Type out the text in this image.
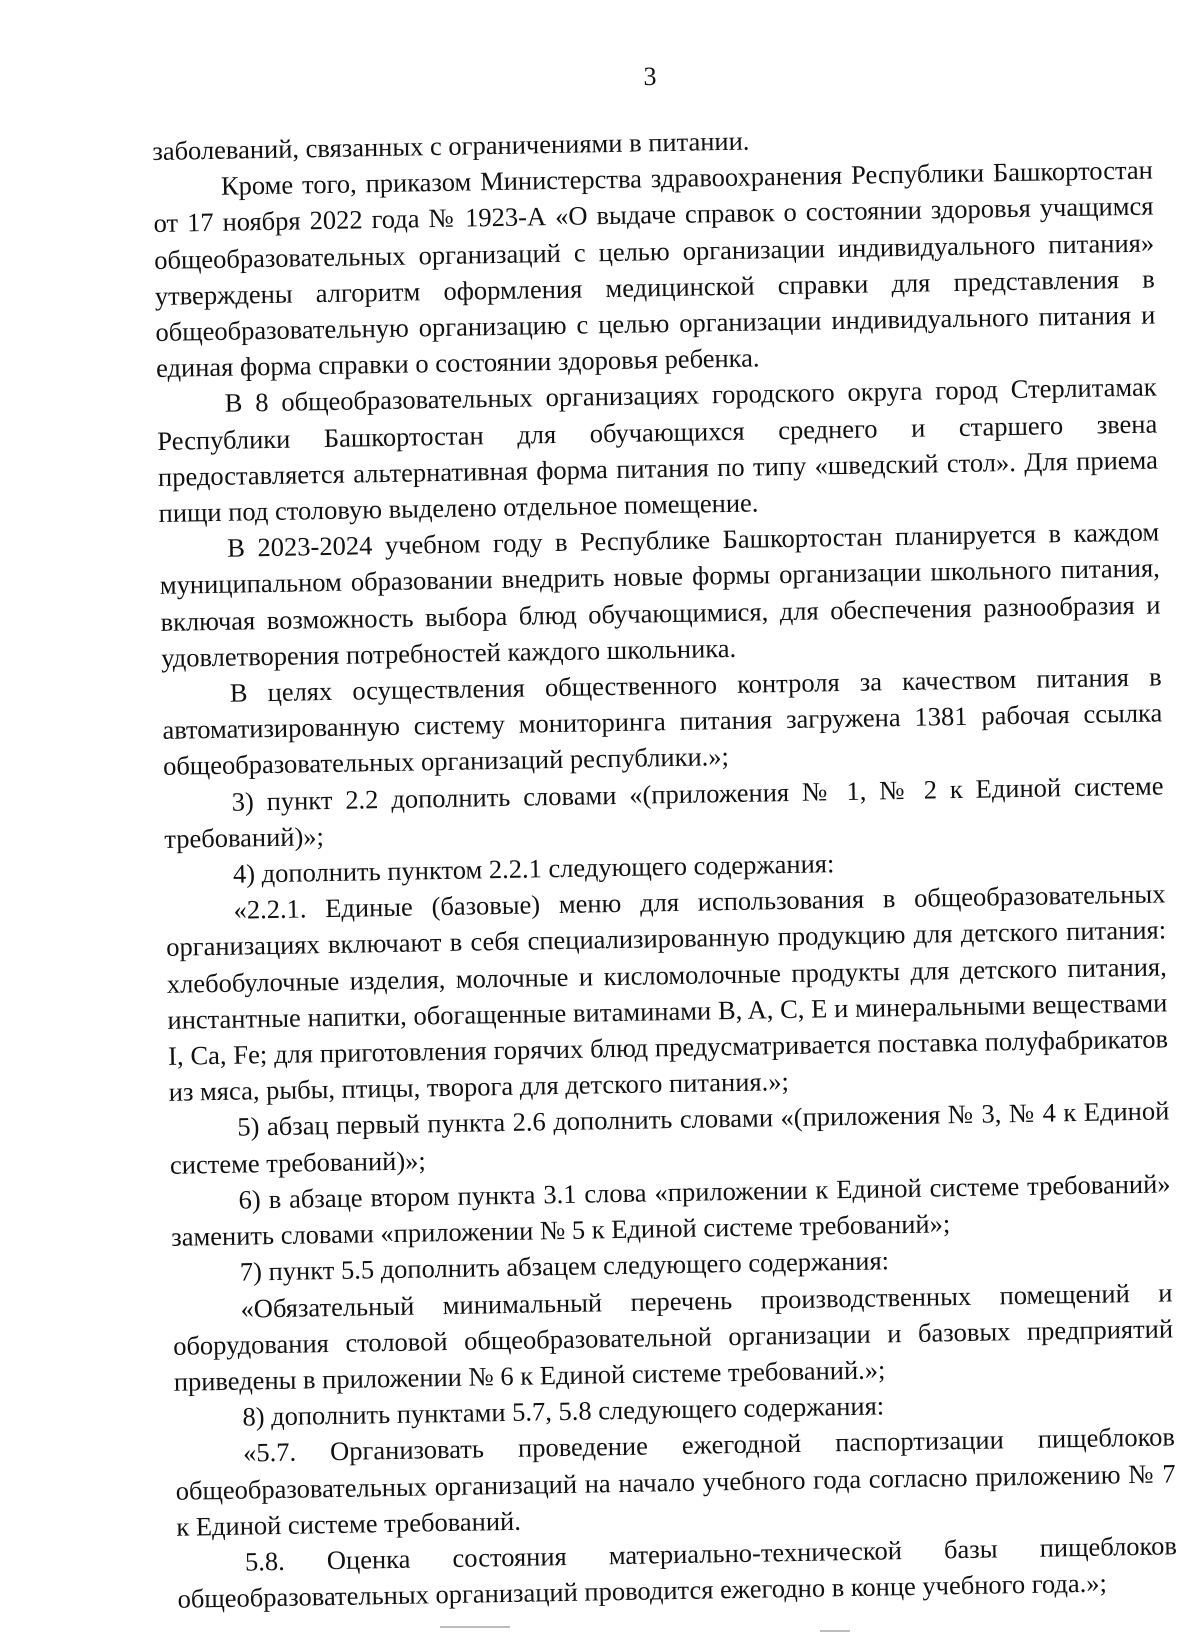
3

заболеваний, связанных с ограничениями в питании.

Кроме того, приказом Министерства здравоохранения Республики Башкортостан от 17 ноября 2022 года № 1923-А «О выдаче справок о состоянии здоровья учащимся общеобразовательных организаций с целью организации индивидуального питания» утверждены алгоритм оформления медицинской справки для представления в общеобразовательную организацию с целью организации индивидуального питания и единая форма справки о состоянии здоровья ребенка.

В 8 общеобразовательных организациях городского округа город Стерлитамак Республики Башкортостан для обучающихся среднего и старшего звена предоставляется альтернативная форма питания по типу «шведский стол». Для приема пищи под столовую выделено отдельное помещение.

В 2023-2024 учебном году в Республике Башкортостан планируется в каждом муниципальном образовании внедрить новые формы организации школьного питания, включая возможность выбора блюд обучающимися, для обеспечения разнообразия и удовлетворения потребностей каждого школьника.

В целях осуществления общественного контроля за качеством питания в автоматизированную систему мониторинга питания загружена 1381 рабочая ссылка общеобразовательных организаций республики.»;

3) пункт 2.2 дополнить словами «(приложения № 1, № 2 к Единой системе требований)»;

4) дополнить пунктом 2.2.1 следующего содержания:

«2.2.1. Единые (базовые) меню для использования в общеобразовательных организациях включают в себя специализированную продукцию для детского питания: хлебобулочные изделия, молочные и кисломолочные продукты для детского питания, инстантные напитки, обогащенные витаминами B, A, C, E и минеральными веществами I, Ca, Fe; для приготовления горячих блюд предусматривается поставка полуфабрикатов из мяса, рыбы, птицы, творога для детского питания.»;

5) абзац первый пункта 2.6 дополнить словами «(приложения № 3, № 4 к Единой системе требований)»;

6) в абзаце втором пункта 3.1 слова «приложении к Единой системе требований» заменить словами «приложении № 5 к Единой системе требований»;

7) пункт 5.5 дополнить абзацем следующего содержания:

«Обязательный минимальный перечень производственных помещений и оборудования столовой общеобразовательной организации и базовых предприятий приведены в приложении № 6 к Единой системе требований.»;

8) дополнить пунктами 5.7, 5.8 следующего содержания:

«5.7. Организовать проведение ежегодной паспортизации пищеблоков общеобразовательных организаций на начало учебного года согласно приложению № 7 к Единой системе требований.

5.8. Оценка состояния материально-технической базы пищеблоков общеобразовательных организаций проводится ежегодно в конце учебного года.»;
